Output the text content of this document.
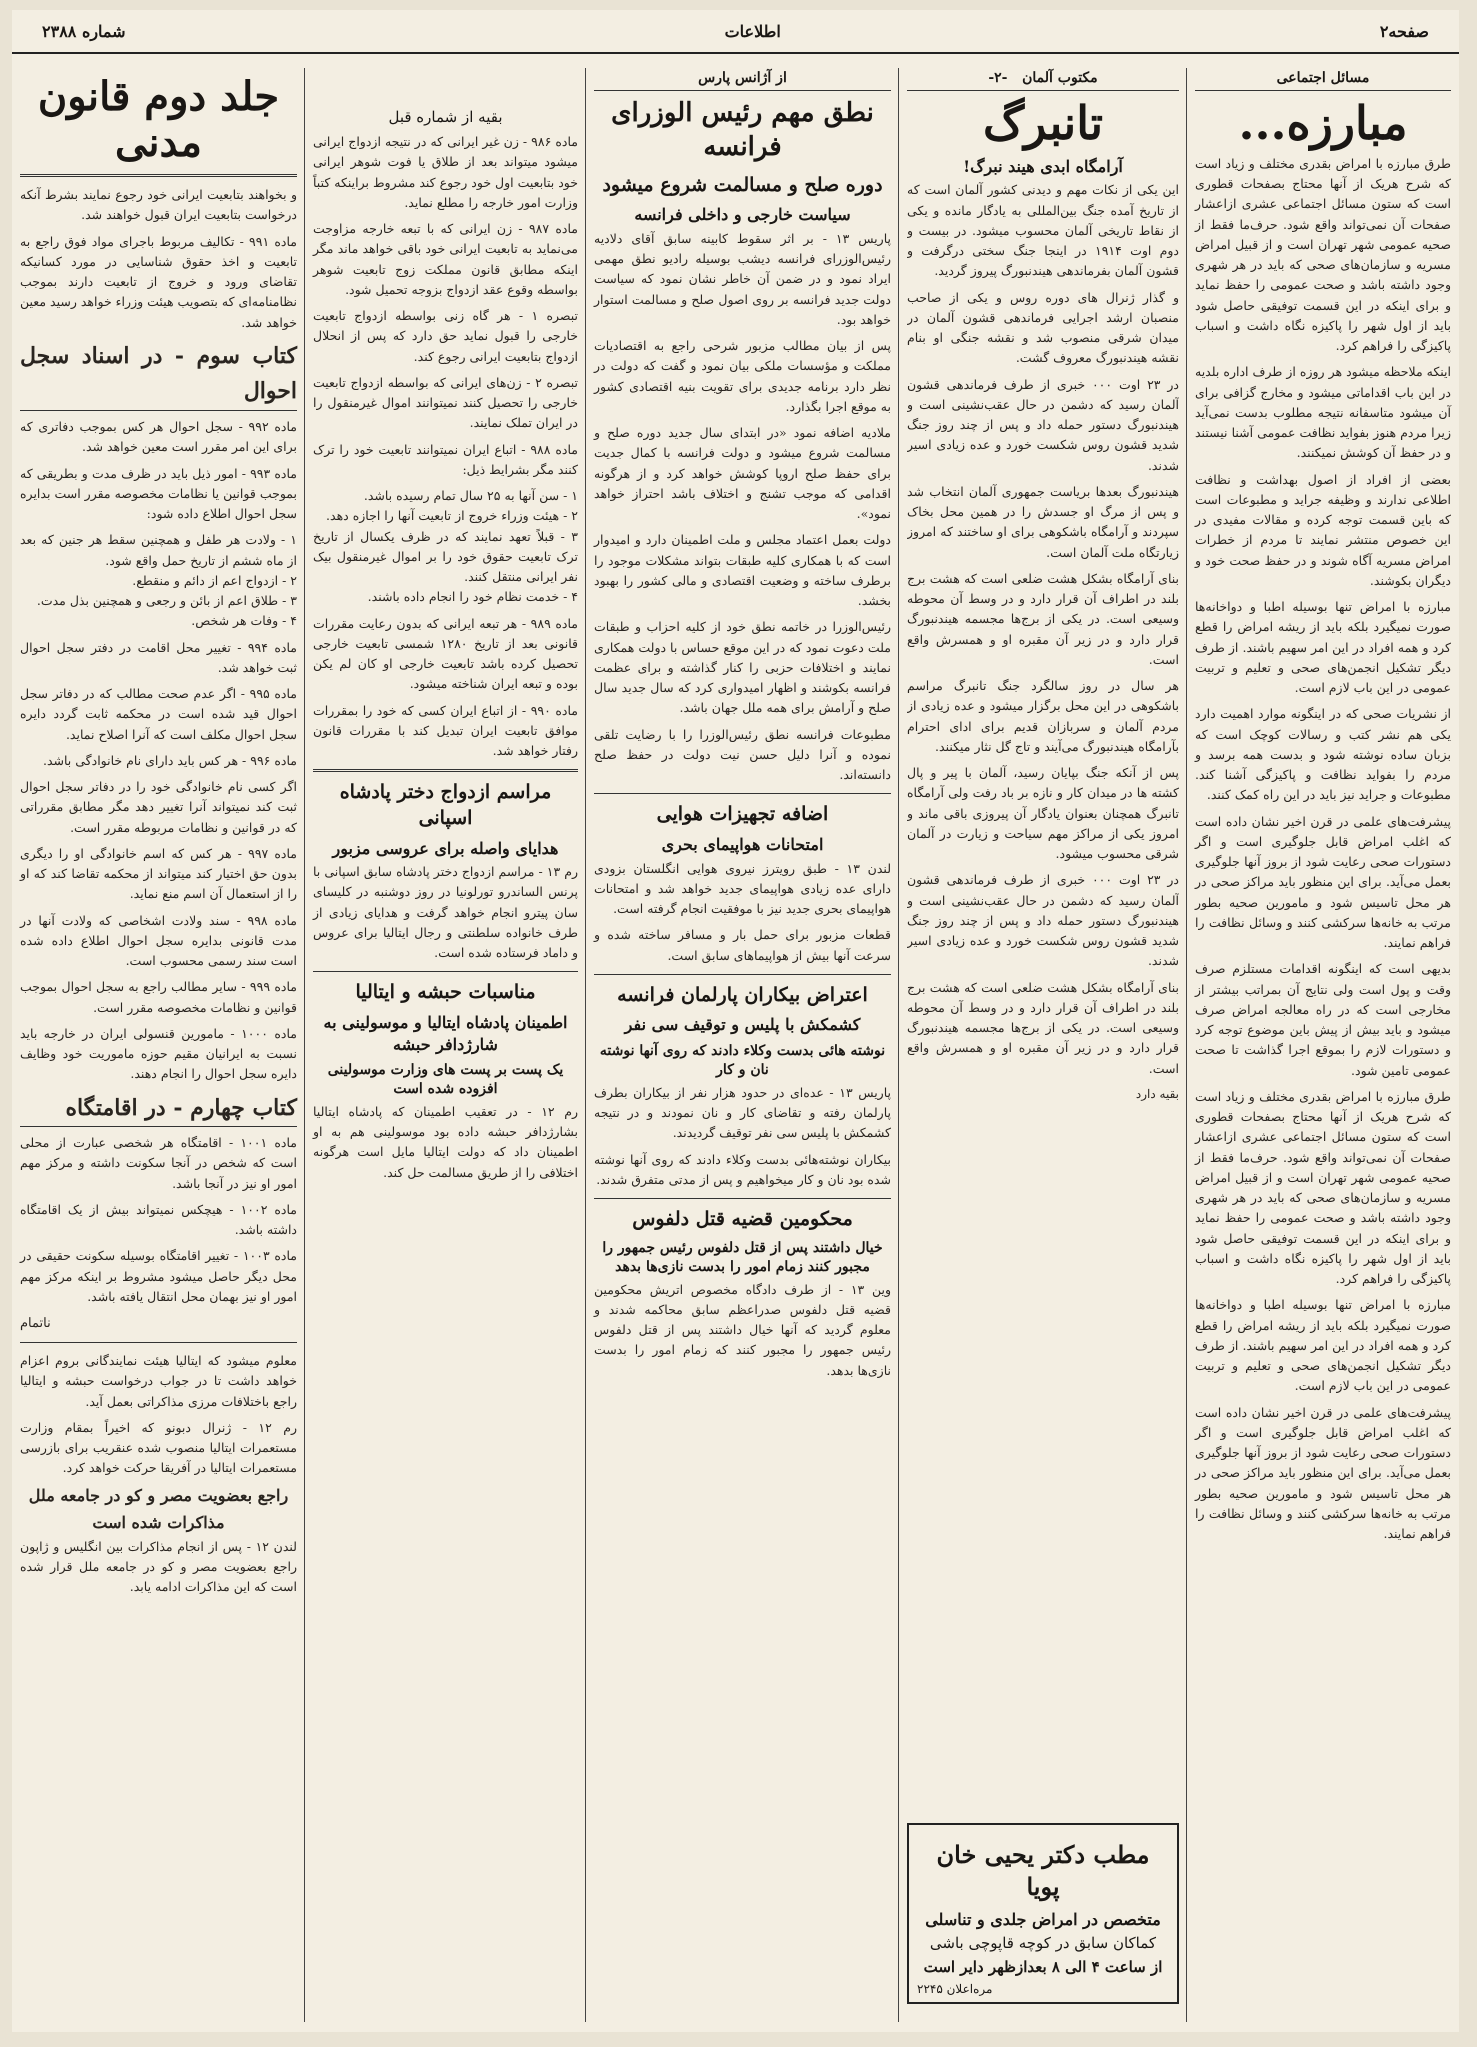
صفحه۲
اطلاعات
شماره ۲۳۸۸
مسائل اجتماعی
مبارزه...

طرق مبارزه با امراض بقدری مختلف و زیاد است که شرح هریک از آنها محتاج بصفحات قطوری است که ستون مسائل اجتماعی عشری ازاعشار صفحات آن نمی‌تواند واقع شود. حرف‌ما فقط از صحیه عمومی شهر تهران است و از قبیل امراض مسریه و سازمان‌های صحی که باید در هر شهری وجود داشته باشد و صحت عمومی را حفظ نماید و برای اینکه در این قسمت توفیقی حاصل شود باید از اول شهر را پاکیزه نگاه داشت و اسباب پاکیزگی را فراهم کرد.

اینکه ملاحظه میشود هر روزه از طرف اداره بلدیه در این باب اقداماتی میشود و مخارج گزافی برای آن میشود متاسفانه نتیجه مطلوب بدست نمی‌آید زیرا مردم هنوز بفواید نظافت عمومی آشنا نیستند و در حفظ آن کوشش نمیکنند.

بعضی از افراد از اصول بهداشت و نظافت اطلاعی ندارند و وظیفه جراید و مطبوعات است که باین قسمت توجه کرده و مقالات مفیدی در این خصوص منتشر نمایند تا مردم از خطرات امراض مسریه آگاه شوند و در حفظ صحت خود و دیگران بکوشند.

مبارزه با امراض تنها بوسیله اطبا و دواخانه‌ها صورت نمیگیرد بلکه باید از ریشه امراض را قطع کرد و همه افراد در این امر سهیم باشند. از طرف دیگر تشکیل انجمن‌های صحی و تعلیم و تربیت عمومی در این باب لازم است.

از نشریات صحی که در اینگونه موارد اهمیت دارد یکی هم نشر کتب و رسالات کوچک است که بزبان ساده نوشته شود و بدست همه برسد و مردم را بفواید نظافت و پاکیزگی آشنا کند. مطبوعات و جراید نیز باید در این راه کمک کنند.

پیشرفت‌های علمی در قرن اخیر نشان داده است که اغلب امراض قابل جلوگیری است و اگر دستورات صحی رعایت شود از بروز آنها جلوگیری بعمل می‌آید. برای این منظور باید مراکز صحی در هر محل تاسیس شود و مامورین صحیه بطور مرتب به خانه‌ها سرکشی کنند و وسائل نظافت را فراهم نمایند.

بدیهی است که اینگونه اقدامات مستلزم صرف وقت و پول است ولی نتایج آن بمراتب بیشتر از مخارجی است که در راه معالجه امراض صرف میشود و باید بیش از پیش باین موضوع توجه کرد و دستورات لازم را بموقع اجرا گذاشت تا صحت عمومی تامین شود.

طرق مبارزه با امراض بقدری مختلف و زیاد است که شرح هریک از آنها محتاج بصفحات قطوری است که ستون مسائل اجتماعی عشری ازاعشار صفحات آن نمی‌تواند واقع شود. حرف‌ما فقط از صحیه عمومی شهر تهران است و از قبیل امراض مسریه و سازمان‌های صحی که باید در هر شهری وجود داشته باشد و صحت عمومی را حفظ نماید و برای اینکه در این قسمت توفیقی حاصل شود باید از اول شهر را پاکیزه نگاه داشت و اسباب پاکیزگی را فراهم کرد.

مبارزه با امراض تنها بوسیله اطبا و دواخانه‌ها صورت نمیگیرد بلکه باید از ریشه امراض را قطع کرد و همه افراد در این امر سهیم باشند. از طرف دیگر تشکیل انجمن‌های صحی و تعلیم و تربیت عمومی در این باب لازم است.

پیشرفت‌های علمی در قرن اخیر نشان داده است که اغلب امراض قابل جلوگیری است و اگر دستورات صحی رعایت شود از بروز آنها جلوگیری بعمل می‌آید. برای این منظور باید مراکز صحی در هر محل تاسیس شود و مامورین صحیه بطور مرتب به خانه‌ها سرکشی کنند و وسائل نظافت را فراهم نمایند.

مکتوب آلمان   -۲-
تانبرگ
آرامگاه ابدی هیند نبرگ!

این یکی از نکات مهم و دیدنی کشور آلمان است که از تاریخ آمده جنگ بین‌المللی به یادگار مانده و یکی از نقاط تاریخی آلمان محسوب میشود. در بیست و دوم اوت ۱۹۱۴ در اینجا جنگ سختی درگرفت و قشون آلمان بفرماندهی هیندنبورگ پیروز گردید.

و گذار ژنرال های دوره روس و یکی از صاحب منصبان ارشد اجرایی فرماندهی قشون آلمان در میدان شرقی منصوب شد و نقشه جنگی او بنام نقشه هیندنبورگ معروف گشت.

در ۲۳ اوت ۰۰۰ خبری از طرف فرماندهی قشون آلمان رسید که دشمن در حال عقب‌نشینی است و هیندنبورگ دستور حمله داد و پس از چند روز جنگ شدید قشون روس شکست خورد و عده زیادی اسیر شدند.

هیندنبورگ بعدها بریاست جمهوری آلمان انتخاب شد و پس از مرگ او جسدش را در همین محل بخاک سپردند و آرامگاه باشکوهی برای او ساختند که امروز زیارتگاه ملت آلمان است.

بنای آرامگاه بشکل هشت ضلعی است که هشت برج بلند در اطراف آن قرار دارد و در وسط آن محوطه وسیعی است. در یکی از برج‌ها مجسمه هیندنبورگ قرار دارد و در زیر آن مقبره او و همسرش واقع است.

هر سال در روز سالگرد جنگ تانبرگ مراسم باشکوهی در این محل برگزار میشود و عده زیادی از مردم آلمان و سربازان قدیم برای ادای احترام بآرامگاه هیندنبورگ می‌آیند و تاج گل نثار میکنند.

پس از آنکه جنگ بپایان رسید، آلمان با پیر و پال کشته ها در میدان کار و نازه بر باد رفت ولی آرامگاه تانبرگ همچنان بعنوان یادگار آن پیروزی باقی ماند و امروز یکی از مراکز مهم سیاحت و زیارت در آلمان شرقی محسوب میشود.

در ۲۳ اوت ۰۰۰ خبری از طرف فرماندهی قشون آلمان رسید که دشمن در حال عقب‌نشینی است و هیندنبورگ دستور حمله داد و پس از چند روز جنگ شدید قشون روس شکست خورد و عده زیادی اسیر شدند.

بنای آرامگاه بشکل هشت ضلعی است که هشت برج بلند در اطراف آن قرار دارد و در وسط آن محوطه وسیعی است. در یکی از برج‌ها مجسمه هیندنبورگ قرار دارد و در زیر آن مقبره او و همسرش واقع است.

بقیه دارد

مطب دکتر یحیی خان پویا
متخصص در امراض جلدی و تناسلی
کماکان سابق در کوچه قاپوچی باشی
از ساعت ۴ الی ۸ بعدازظهر دایر است
مره‌اعلان ۲۲۴۵
از آژانس پارس
نطق مهم رئیس الوزرای فرانسه
دوره صلح و مسالمت شروع میشود
سیاست خارجی و داخلی فرانسه

پاریس ۱۳ - بر اثر سقوط کابینه سابق آقای دلادیه رئیس‌الوزرای فرانسه دیشب بوسیله رادیو نطق مهمی ایراد نمود و در ضمن آن خاطر نشان نمود که سیاست دولت جدید فرانسه بر روی اصول صلح و مسالمت استوار خواهد بود.

پس از بیان مطالب مزبور شرحی راجع به اقتصادیات مملکت و مؤسسات ملکی بیان نمود و گفت که دولت در نظر دارد برنامه جدیدی برای تقویت بنیه اقتصادی کشور به موقع اجرا بگذارد.

ملادیه اضافه نمود «در ابتدای سال جدید دوره صلح و مسالمت شروع میشود و دولت فرانسه با کمال جدیت برای حفظ صلح اروپا کوشش خواهد کرد و از هرگونه اقدامی که موجب تشنج و اختلاف باشد احتراز خواهد نمود».

دولت بعمل اعتماد مجلس و ملت اطمینان دارد و امیدوار است که با همکاری کلیه طبقات بتواند مشکلات موجود را برطرف ساخته و وضعیت اقتصادی و مالی کشور را بهبود بخشد.

رئیس‌الوزرا در خاتمه نطق خود از کلیه احزاب و طبقات ملت دعوت نمود که در این موقع حساس با دولت همکاری نمایند و اختلافات حزبی را کنار گذاشته و برای عظمت فرانسه بکوشند و اظهار امیدواری کرد که سال جدید سال صلح و آرامش برای همه ملل جهان باشد.

مطبوعات فرانسه نطق رئیس‌الوزرا را با رضایت تلقی نموده و آنرا دلیل حسن نیت دولت در حفظ صلح دانسته‌اند.

اضافه تجهیزات هوایی
امتحانات هواپیمای بحری

لندن ۱۳ - طبق رویترز نیروی هوایی انگلستان بزودی دارای عده زیادی هواپیمای جدید خواهد شد و امتحانات هواپیمای بحری جدید نیز با موفقیت انجام گرفته است.

قطعات مزبور برای حمل بار و مسافر ساخته شده و سرعت آنها بیش از هواپیماهای سابق است.

اعتراض بیکاران پارلمان فرانسه
کشمکش با پلیس و توقیف سی نفر
نوشته هائی بدست وکلاء دادند که روی آنها نوشته نان و کار

پاریس ۱۳ - عده‌ای در حدود هزار نفر از بیکاران بطرف پارلمان رفته و تقاضای کار و نان نمودند و در نتیجه کشمکش با پلیس سی نفر توقیف گردیدند.

بیکاران نوشته‌هائی بدست وکلاء دادند که روی آنها نوشته شده بود نان و کار میخواهیم و پس از مدتی متفرق شدند.

محکومین قضیه قتل دلفوس
خیال داشتند پس از قتل دلفوس رئیس جمهور را مجبور کنند زمام امور را بدست نازی‌ها بدهد

وین ۱۳ - از طرف دادگاه مخصوص اتریش محکومین قضیه قتل دلفوس صدراعظم سابق محاکمه شدند و معلوم گردید که آنها خیال داشتند پس از قتل دلفوس رئیس جمهور را مجبور کنند که زمام امور را بدست نازی‌ها بدهد.

بقیه از شماره قبل

ماده ۹۸۶ - زن غیر ایرانی که در نتیجه ازدواج ایرانی میشود میتواند بعد از طلاق یا فوت شوهر ایرانی خود بتابعیت اول خود رجوع کند مشروط براینکه کتباً وزارت امور خارجه را مطلع نماید.

ماده ۹۸۷ - زن ایرانی که با تبعه خارجه مزاوجت می‌نماید به تابعیت ایرانی خود باقی خواهد ماند مگر اینکه مطابق قانون مملکت زوج تابعیت شوهر بواسطه وقوع عقد ازدواج بزوجه تحمیل شود.

تبصره ۱ - هر گاه زنی بواسطه ازدواج تابعیت خارجی را قبول نماید حق دارد که پس از انحلال ازدواج بتابعیت ایرانی رجوع کند.

تبصره ۲ - زن‌های ایرانی که بواسطه ازدواج تابعیت خارجی را تحصیل کنند نمیتوانند اموال غیرمنقول را در ایران تملک نمایند.

ماده ۹۸۸ - اتباع ایران نمیتوانند تابعیت خود را ترک کنند مگر بشرایط ذیل:

۱ - سن آنها به ۲۵ سال تمام رسیده باشد.
۲ - هیئت وزراء خروج از تابعیت آنها را اجازه دهد.
۳ - قبلاً تعهد نمایند که در ظرف یکسال از تاریخ ترک تابعیت حقوق خود را بر اموال غیرمنقول بیک نفر ایرانی منتقل کنند.
۴ - خدمت نظام خود را انجام داده باشند.

ماده ۹۸۹ - هر تبعه ایرانی که بدون رعایت مقررات قانونی بعد از تاریخ ۱۲۸۰ شمسی تابعیت خارجی تحصیل کرده باشد تابعیت خارجی او کان لم یکن بوده و تبعه ایران شناخته میشود.

ماده ۹۹۰ - از اتباع ایران کسی که خود را بمقررات موافق تابعیت ایران تبدیل کند با مقررات قانون رفتار خواهد شد.

مراسم ازدواج دختر پادشاه اسپانی
هدایای واصله برای عروسی مزبور

رم ۱۳ - مراسم ازدواج دختر پادشاه سابق اسپانی با پرنس الساندرو تورلونیا در روز دوشنبه در کلیسای سان پیترو انجام خواهد گرفت و هدایای زیادی از طرف خانواده سلطنتی و رجال ایتالیا برای عروس و داماد فرستاده شده است.

مناسبات حبشه و ایتالیا
اطمینان پادشاه ایتالیا و موسولینی به شارژدافر حبشه
یک پست بر پست های وزارت مو‌سولینی افزوده شده است

رم ۱۲ - در تعقیب اطمینان که پادشاه ایتالیا بشارژدافر حبشه داده بود موسولینی هم به او اطمینان داد که دولت ایتالیا مایل است هرگونه اختلافی را از طریق مسالمت حل کند.

جلد دوم قانون مدنی

و بخواهند بتابعیت ایرانی خود رجوع نمایند بشرط آنکه درخواست بتابعیت ایران قبول خواهند شد.

ماده ۹۹۱ - تکالیف مربوط باجرای مواد فوق راجع به تابعیت و اخذ حقوق شناسایی در مورد کسانیکه تقاضای ورود و خروج از تابعیت دارند بموجب نظامنامه‌ای که بتصویب هیئت وزراء خواهد رسید معین خواهد شد.

کتاب سوم - در اسناد سجل احوال

ماده ۹۹۲ - سجل احوال هر کس بموجب دفاتری که برای این امر مقرر است معین خواهد شد.

ماده ۹۹۳ - امور ذیل باید در ظرف مدت و بطریقی که بموجب قوانین یا نظامات مخصوصه مقرر است بدایره سجل احوال اطلاع داده شود:

۱ - ولادت هر طفل و همچنین سقط هر جنین که بعد از ماه ششم از تاریخ حمل واقع شود.
۲ - ازدواج اعم از دائم و منقطع.
۳ - طلاق اعم از بائن و رجعی و همچنین بذل مدت.
۴ - وفات هر شخص.

ماده ۹۹۴ - تغییر محل اقامت در دفتر سجل احوال ثبت خواهد شد.

ماده ۹۹۵ - اگر عدم صحت مطالب که در دفاتر سجل احوال قید شده است در محکمه ثابت گردد دایره سجل احوال مکلف است که آنرا اصلاح نماید.

ماده ۹۹۶ - هر کس باید دارای نام خانوادگی باشد.

اگر کسی نام خانوادگی خود را در دفاتر سجل احوال ثبت کند نمیتواند آنرا تغییر دهد مگر مطابق مقرراتی که در قوانین و نظامات مربوطه مقرر است.

ماده ۹۹۷ - هر کس که اسم خانوادگی او را دیگری بدون حق اختیار کند میتواند از محکمه تقاضا کند که او را از استعمال آن اسم منع نماید.

ماده ۹۹۸ - سند ولادت اشخاصی که ولادت آنها در مدت قانونی بدایره سجل احوال اطلاع داده شده است سند رسمی محسوب است.

ماده ۹۹۹ - سایر مطالب راجع به سجل احوال بموجب قوانین و نظامات مخصوصه مقرر است.

ماده ۱۰۰۰ - مامورین قنسولی ایران در خارجه باید نسبت به ایرانیان مقیم حوزه ماموریت خود وظایف دایره سجل احوال را انجام دهند.

کتاب چهارم - در اقامتگاه

ماده ۱۰۰۱ - اقامتگاه هر شخصی عبارت از محلی است که شخص در آنجا سکونت داشته و مرکز مهم امور او نیز در آنجا باشد.

ماده ۱۰۰۲ - هیچکس نمیتواند بیش از یک اقامتگاه داشته باشد.

ماده ۱۰۰۳ - تغییر اقامتگاه بوسیله سکونت حقیقی در محل دیگر حاصل میشود مشروط بر اینکه مرکز مهم امور او نیز بهمان محل انتقال یافته باشد.

ناتمام

معلوم میشود که ایتالیا هیئت نمایندگانی بروم اعزام خواهد داشت تا در جواب درخواست حبشه و ایتالیا راجع باختلافات مرزی مذاکراتی بعمل آید.

رم ۱۲ - ژنرال دبونو که اخیراً بمقام وزارت مستعمرات ایتالیا منصوب شده عنقریب برای بازرسی مستعمرات ایتالیا در آفریقا حرکت خواهد کرد.

راجع بعضویت مصر و کو در جامعه ملل
مذاکرات شده است

لندن ۱۲ - پس از انجام مذاکرات بین انگلیس و ژاپون راجع بعضویت مصر و کو در جامعه ملل قرار شده است که این مذاکرات ادامه یابد.
